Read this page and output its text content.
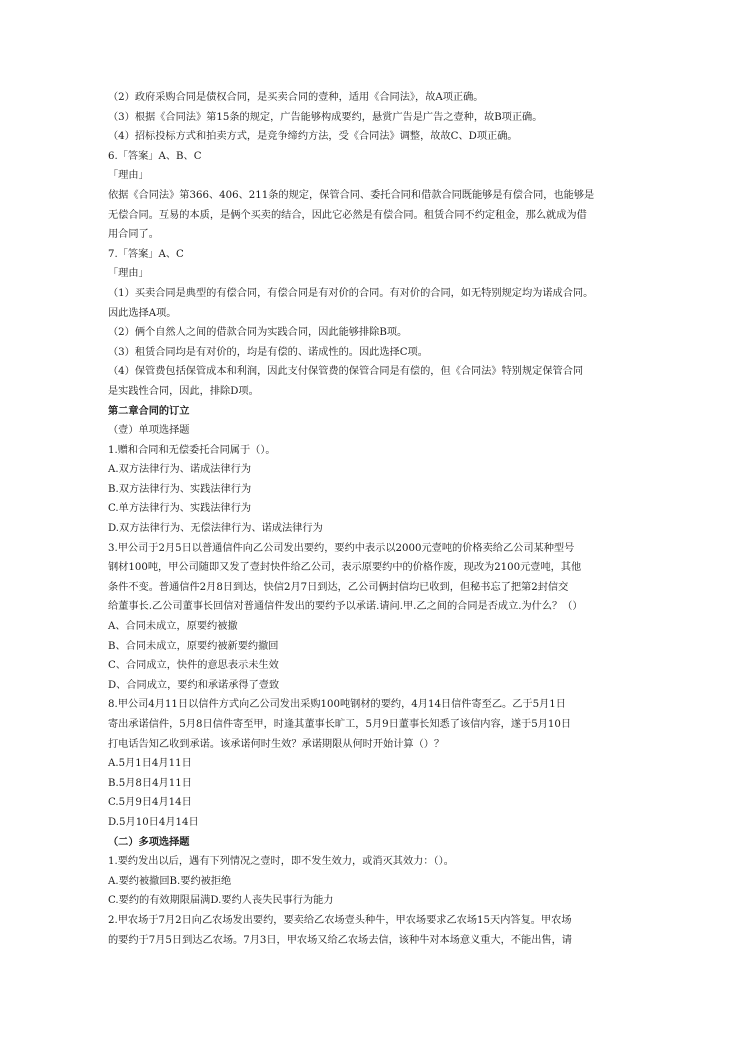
（2）政府采购合同是债权合同，是买卖合同的壹种，适用《合同法》，故A项正确。
（3）根据《合同法》第15条的规定，广告能够构成要约，悬赏广告是广告之壹种，故B项正确。
（4）招标投标方式和拍卖方式，是竞争缔约方法，受《合同法》调整，故故C、D项正确。
6.「答案」A、B、C
「理由」
依据《合同法》第366、406、211条的规定，保管合同、委托合同和借款合同既能够是有偿合同，也能够是
无偿合同。互易的本质，是俩个买卖的结合，因此它必然是有偿合同。租赁合同不约定租金，那么就成为借
用合同了。
7.「答案」A、C
「理由」
（1）买卖合同是典型的有偿合同，有偿合同是有对价的合同。有对价的合同，如无特别规定均为诺成合同。
因此选择A项。
（2）俩个自然人之间的借款合同为实践合同，因此能够排除B项。
（3）租赁合同均是有对价的，均是有偿的、诺成性的。因此选择C项。
（4）保管费包括保管成本和利润，因此支付保管费的保管合同是有偿的，但《合同法》特别规定保管合同
是实践性合同，因此，排除D项。
第二章合同的订立
（壹）单项选择题
1.赠和合同和无偿委托合同属于（）。
A.双方法律行为、诺成法律行为
B.双方法律行为、实践法律行为
C.单方法律行为、实践法律行为
D.双方法律行为、无偿法律行为、诺成法律行为
3.甲公司于2月5日以普通信件向乙公司发出要约，要约中表示以2000元壹吨的价格卖给乙公司某种型号
钢材100吨，甲公司随即又发了壹封快件给乙公司，表示原要约中的价格作废，现改为2100元壹吨，其他
条件不变。普通信件2月8日到达，快信2月7日到达，乙公司俩封信均已收到，但秘书忘了把第2封信交
给董事长.乙公司董事长回信对普通信件发出的要约予以承诺.请问.甲.乙之间的合同是否成立.为什么？（）
A、合同未成立，原要约被撤
B、合同未成立，原要约被新要约撤回
C、合同成立，快件的意思表示未生效
D、合同成立，要约和承诺承得了壹致
8.甲公司4月11日以信件方式向乙公司发出采购100吨钢材的要约，4月14日信件寄至乙。乙于5月1日
寄出承诺信件，5月8日信件寄至甲，时逢其董事长旷工，5月9日董事长知悉了该信内容，遂于5月10日
打电话告知乙收到承诺。该承诺何时生效？承诺期限从何时开始计算（）？
A.5月1日4月11日
B.5月8日4月11日
C.5月9日4月14日
D.5月10日4月14日
（二）多项选择题
1.要约发出以后，遇有下列情况之壹时，即不发生效力，或消灭其效力：（）。
A.要约被撤回B.要约被拒绝
C.要约的有效期限届满D.要约人丧失民事行为能力
2.甲农场于7月2日向乙农场发出要约，要卖给乙农场壹头种牛，甲农场要求乙农场15天内答复。甲农场
的要约于7月5日到达乙农场。7月3日，甲农场又给乙农场去信，该种牛对本场意义重大，不能出售，请
